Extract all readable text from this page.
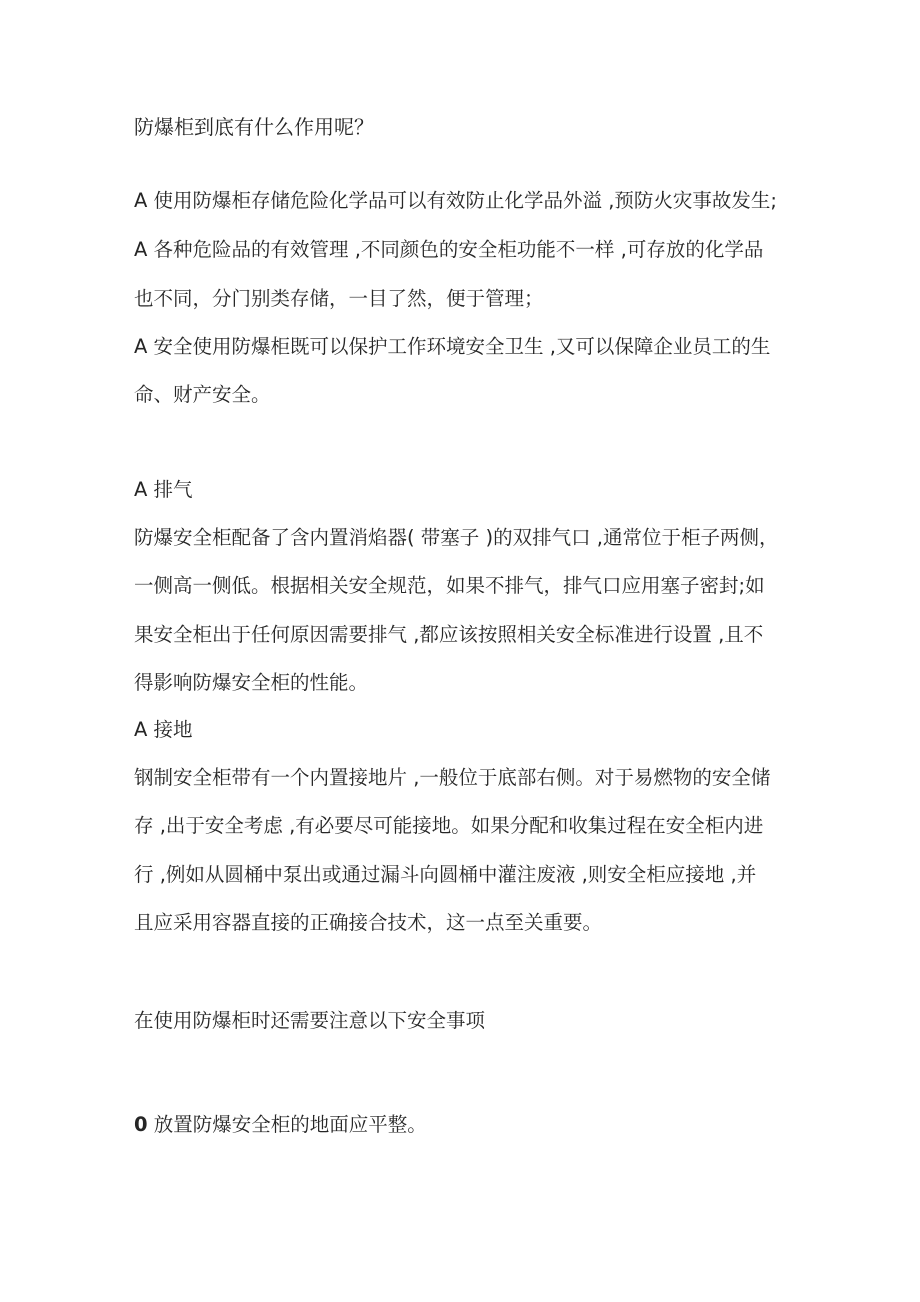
防爆柜到底有什么作用呢？
A 使用防爆柜存储危险化学品可以有效防止化学品外溢 ,预防火灾事故发生;
A 各种危险品的有效管理 ,不同颜色的安全柜功能不一样 ,可存放的化学品
也不同，分门别类存储，一目了然，便于管理；
A 安全使用防爆柜既可以保护工作环境安全卫生 ,又可以保障企业员工的生
命、财产安全。
A 排气
防爆安全柜配备了含内置消焰器( 带塞子 )的双排气口 ,通常位于柜子两侧，
一侧高一侧低。根据相关安全规范，如果不排气，排气口应用塞子密封;如
果安全柜出于任何原因需要排气 ,都应该按照相关安全标准进行设置 ,且不
得影响防爆安全柜的性能。
A 接地
钢制安全柜带有一个内置接地片 ,一般位于底部右侧。对于易燃物的安全储
存 ,出于安全考虑 ,有必要尽可能接地。如果分配和收集过程在安全柜内进
行 ,例如从圆桶中泵出或通过漏斗向圆桶中灌注废液 ,则安全柜应接地 ,并
且应采用容器直接的正确接合技术，这一点至关重要。
在使用防爆柜时还需要注意以下安全事项
0 放置防爆安全柜的地面应平整。
